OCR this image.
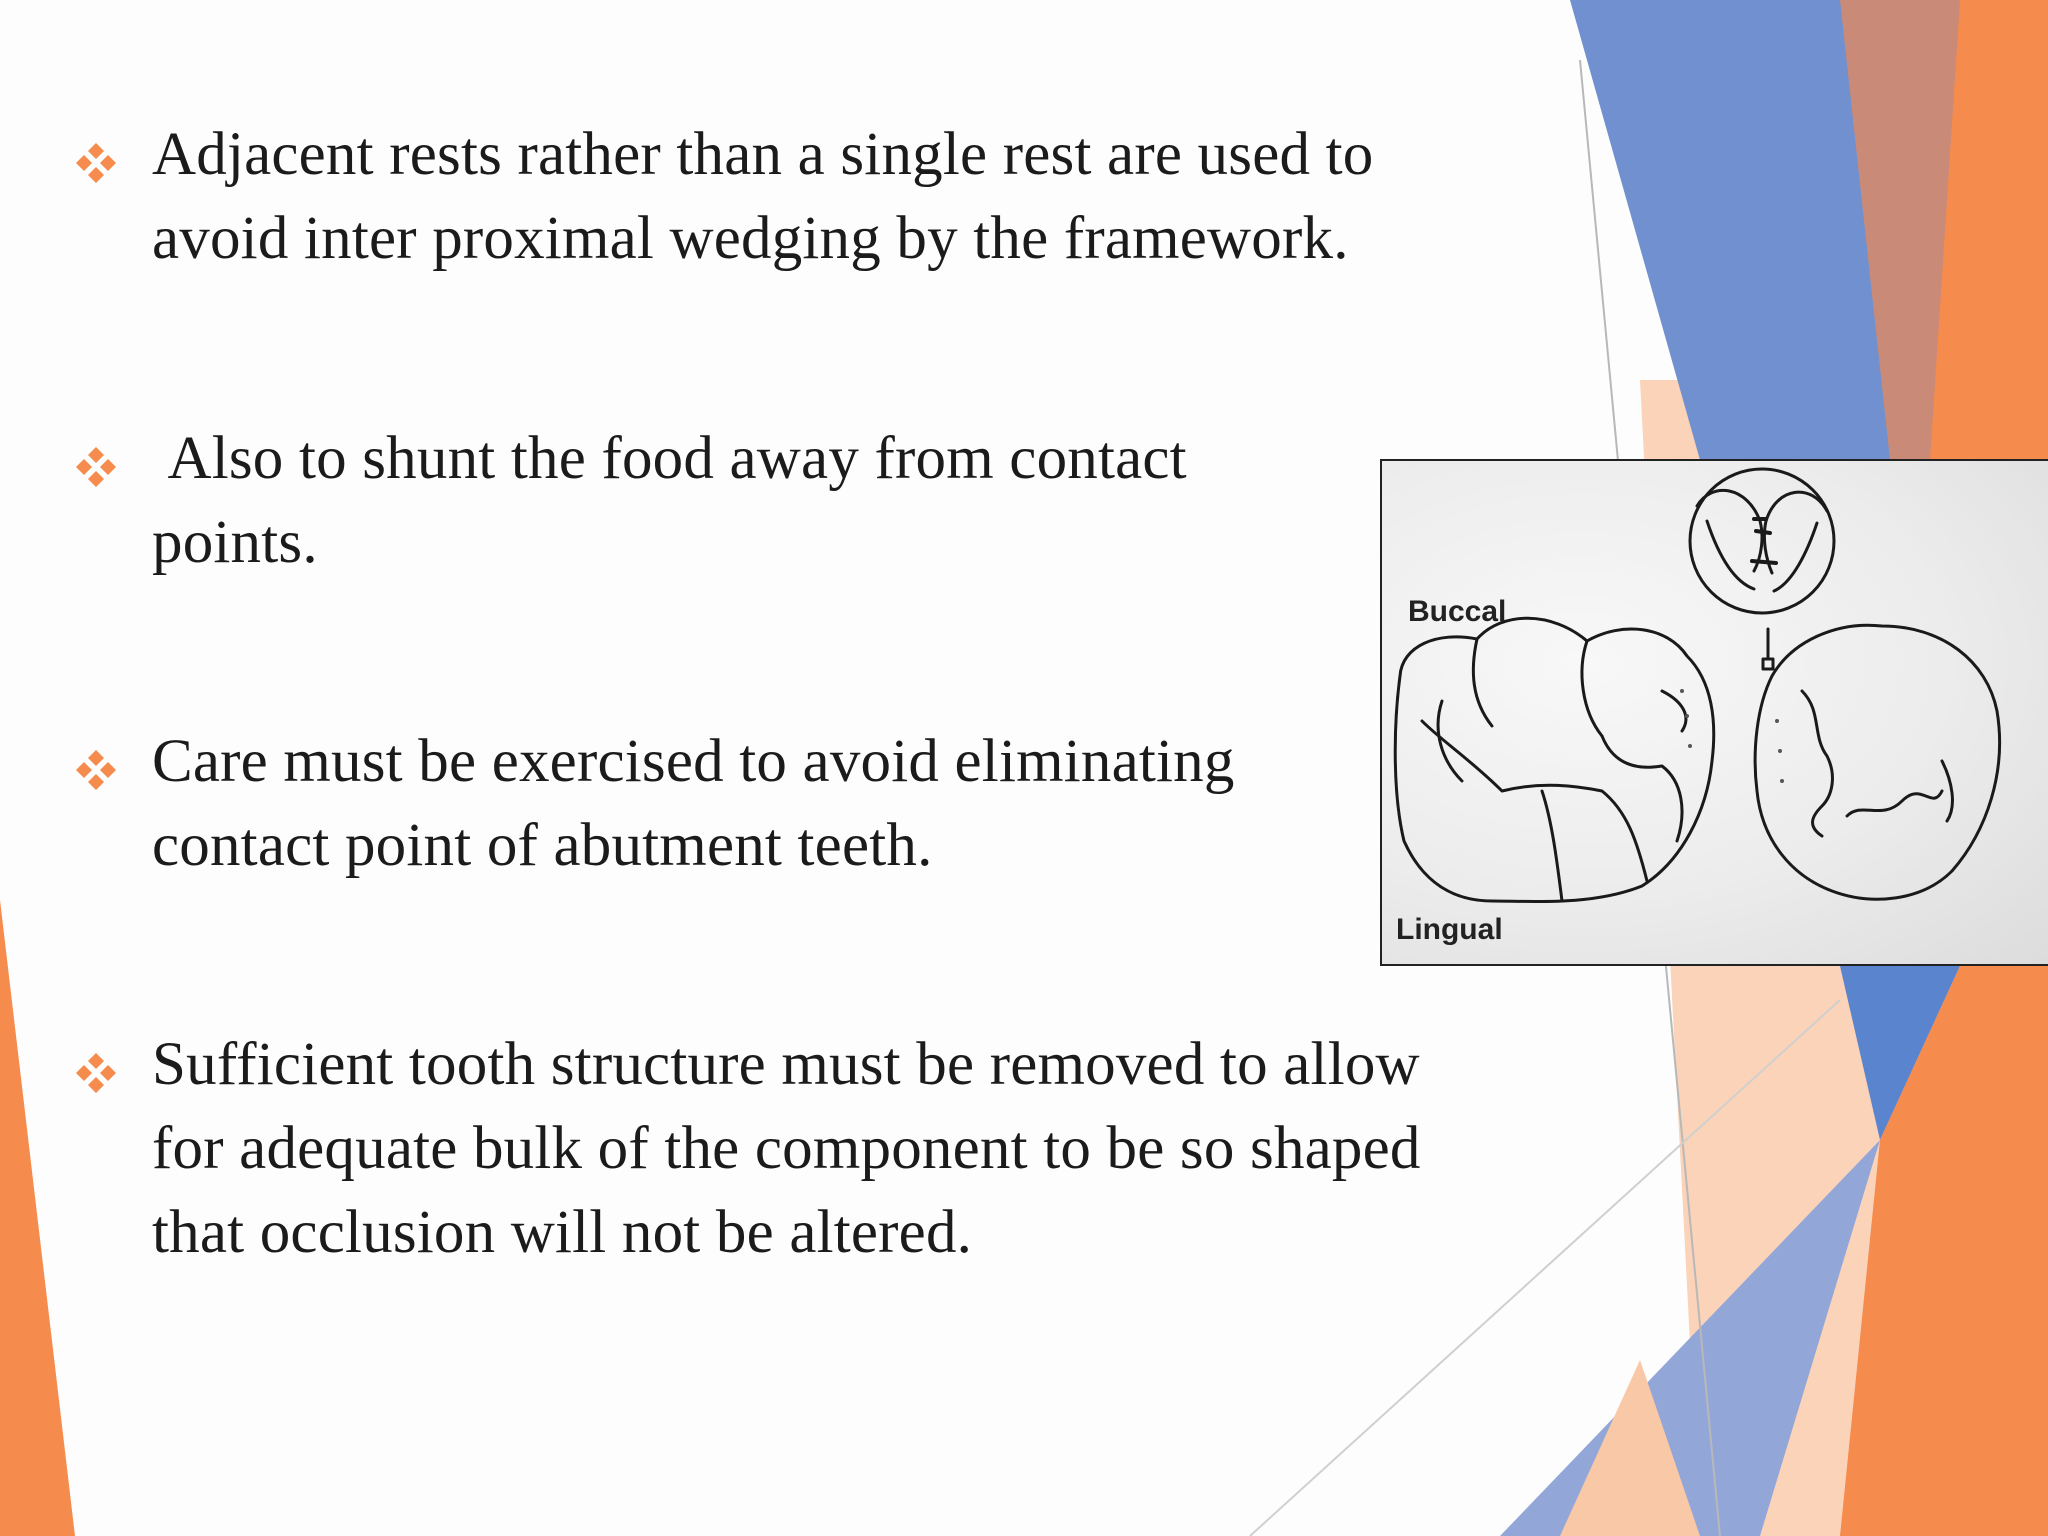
Adjacent rests rather than a single rest are used to avoid inter proximal wedging by the framework.
Also to shunt the food away from contact points.
Care must be exercised to avoid eliminating contact point of abutment teeth.
Sufficient tooth structure must be removed to allow for adequate bulk of the component to be so shaped that occlusion will not be altered.
Buccal
Lingual
